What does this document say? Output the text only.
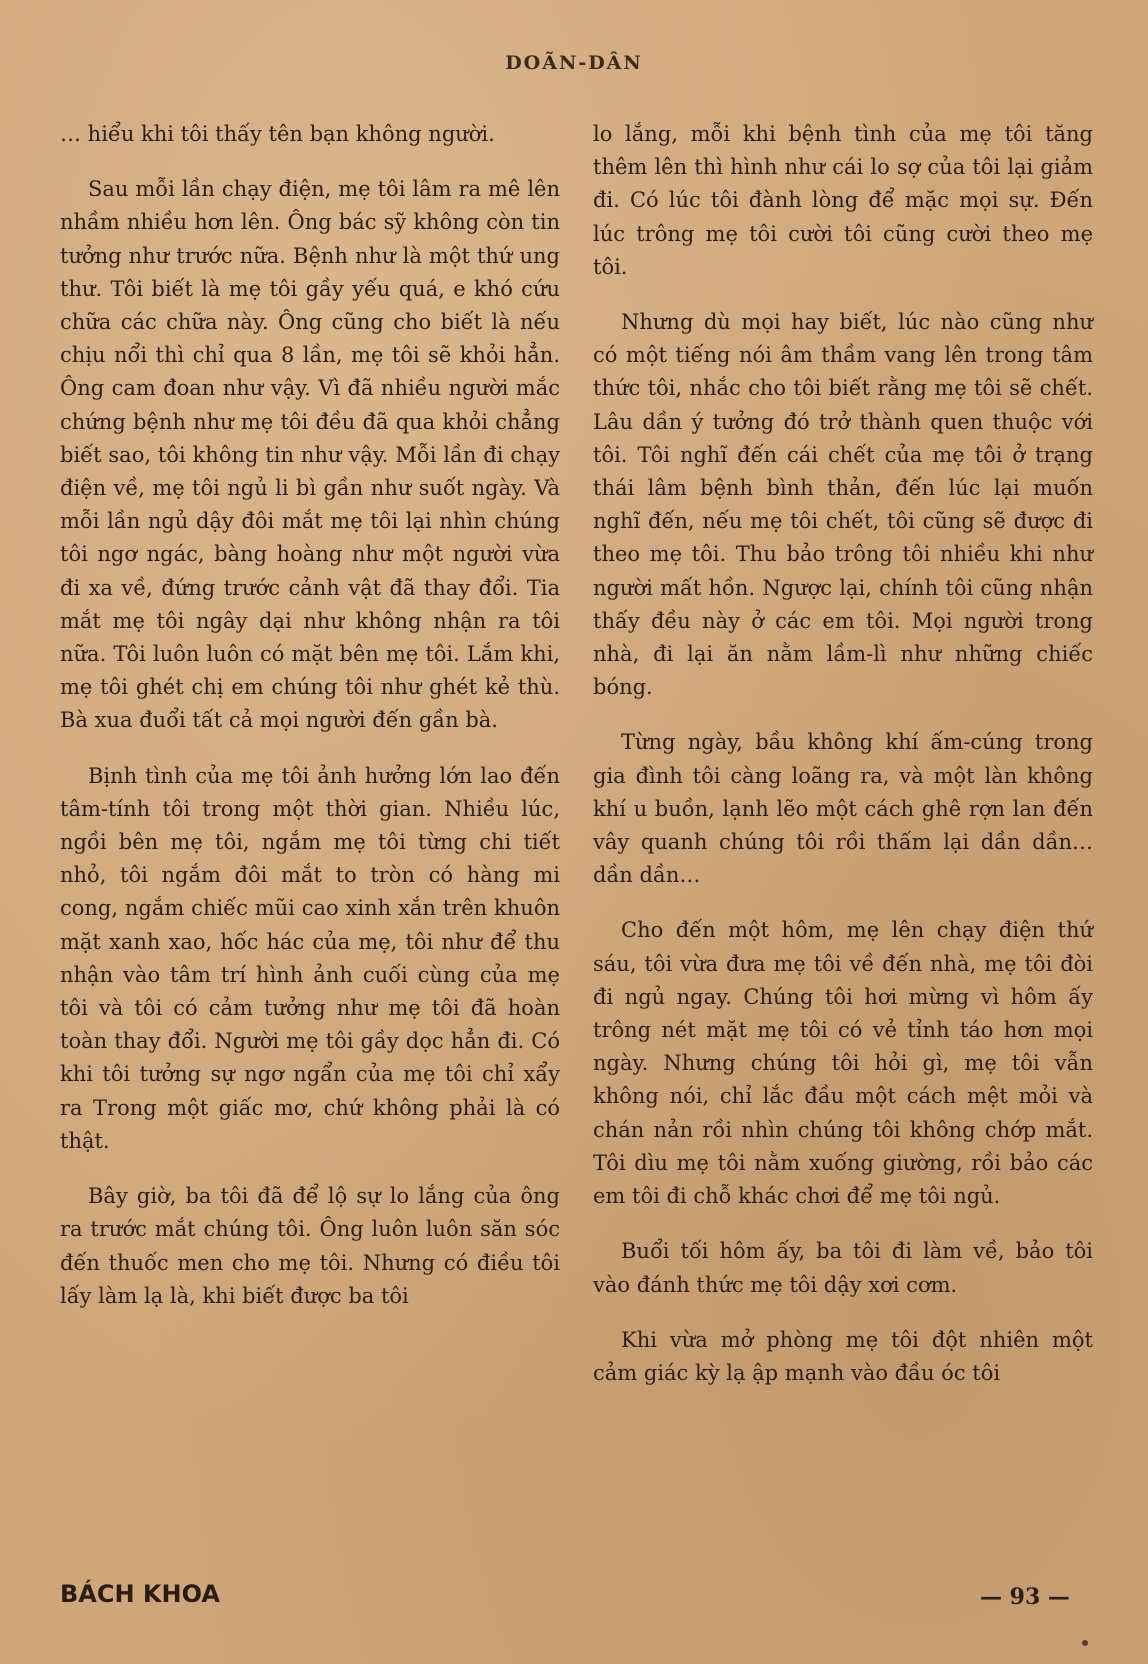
DOÃN-DÂN

… hiểu khi tôi thấy tên bạn không người.

Sau mỗi lần chạy điện, mẹ tôi lâm ra mê lên nhầm nhiều hơn lên. Ông bác sỹ không còn tin tưởng như trước nữa. Bệnh như là một thứ ung thư. Tôi biết là mẹ tôi gầy yếu quá, e khó cứu chữa các chữa này. Ông cũng cho biết là nếu chịu nổi thì chỉ qua 8 lần, mẹ tôi sẽ khỏi hẳn. Ông cam đoan như vậy. Vì đã nhiều người mắc chứng bệnh như mẹ tôi đều đã qua khỏi chẳng biết sao, tôi không tin như vậy. Mỗi lần đi chạy điện về, mẹ tôi ngủ li bì gần như suốt ngày. Và mỗi lần ngủ dậy đôi mắt mẹ tôi lại nhìn chúng tôi ngơ ngác, bàng hoàng như một người vừa đi xa về, đứng trước cảnh vật đã thay đổi. Tia mắt mẹ tôi ngây dại như không nhận ra tôi nữa. Tôi luôn luôn có mặt bên mẹ tôi. Lắm khi, mẹ tôi ghét chị em chúng tôi như ghét kẻ thù. Bà xua đuổi tất cả mọi người đến gần bà.

Bịnh tình của mẹ tôi ảnh hưởng lớn lao đến tâm-tính tôi trong một thời gian. Nhiều lúc, ngồi bên mẹ tôi, ngắm mẹ tôi từng chi tiết nhỏ, tôi ngắm đôi mắt to tròn có hàng mi cong, ngắm chiếc mũi cao xinh xắn trên khuôn mặt xanh xao, hốc hác của mẹ, tôi như để thu nhận vào tâm trí hình ảnh cuối cùng của mẹ tôi và tôi có cảm tưởng như mẹ tôi đã hoàn toàn thay đổi. Người mẹ tôi gầy dọc hẳn đi. Có khi tôi tưởng sự ngơ ngẩn của mẹ tôi chỉ xẩy ra Trong một giấc mơ, chứ không phải là có thật.

Bây giờ, ba tôi đã để lộ sự lo lắng của ông ra trước mắt chúng tôi. Ông luôn luôn săn sóc đến thuốc men cho mẹ tôi. Nhưng có điều tôi lấy làm lạ là, khi biết được ba tôi

lo lắng, mỗi khi bệnh tình của mẹ tôi tăng thêm lên thì hình như cái lo sợ của tôi lại giảm đi. Có lúc tôi đành lòng để mặc mọi sự. Đến lúc trông mẹ tôi cười tôi cũng cười theo mẹ tôi.

Nhưng dù mọi hay biết, lúc nào cũng như có một tiếng nói âm thầm vang lên trong tâm thức tôi, nhắc cho tôi biết rằng mẹ tôi sẽ chết. Lâu dần ý tưởng đó trở thành quen thuộc với tôi. Tôi nghĩ đến cái chết của mẹ tôi ở trạng thái lâm bệnh bình thản, đến lúc lại muốn nghĩ đến, nếu mẹ tôi chết, tôi cũng sẽ được đi theo mẹ tôi. Thu bảo trông tôi nhiều khi như người mất hồn. Ngược lại, chính tôi cũng nhận thấy đều này ở các em tôi. Mọi người trong nhà, đi lại ăn nằm lầm-lì như những chiếc bóng.

Từng ngày, bầu không khí ấm-cúng trong gia đình tôi càng loãng ra, và một làn không khí u buồn, lạnh lẽo một cách ghê rợn lan đến vây quanh chúng tôi rồi thấm lại dần dần… dần dần…

Cho đến một hôm, mẹ lên chạy điện thứ sáu, tôi vừa đưa mẹ tôi về đến nhà, mẹ tôi đòi đi ngủ ngay. Chúng tôi hơi mừng vì hôm ấy trông nét mặt mẹ tôi có vẻ tỉnh táo hơn mọi ngày. Nhưng chúng tôi hỏi gì, mẹ tôi vẫn không nói, chỉ lắc đầu một cách mệt mỏi và chán nản rồi nhìn chúng tôi không chớp mắt. Tôi dìu mẹ tôi nằm xuống giường, rồi bảo các em tôi đi chỗ khác chơi để mẹ tôi ngủ.

Buổi tối hôm ấy, ba tôi đi làm về, bảo tôi vào đánh thức mẹ tôi dậy xơi cơm.

Khi vừa mở phòng mẹ tôi đột nhiên một cảm giác kỳ lạ ập mạnh vào đầu óc tôi

BÁCH KHOA	— 93 —
